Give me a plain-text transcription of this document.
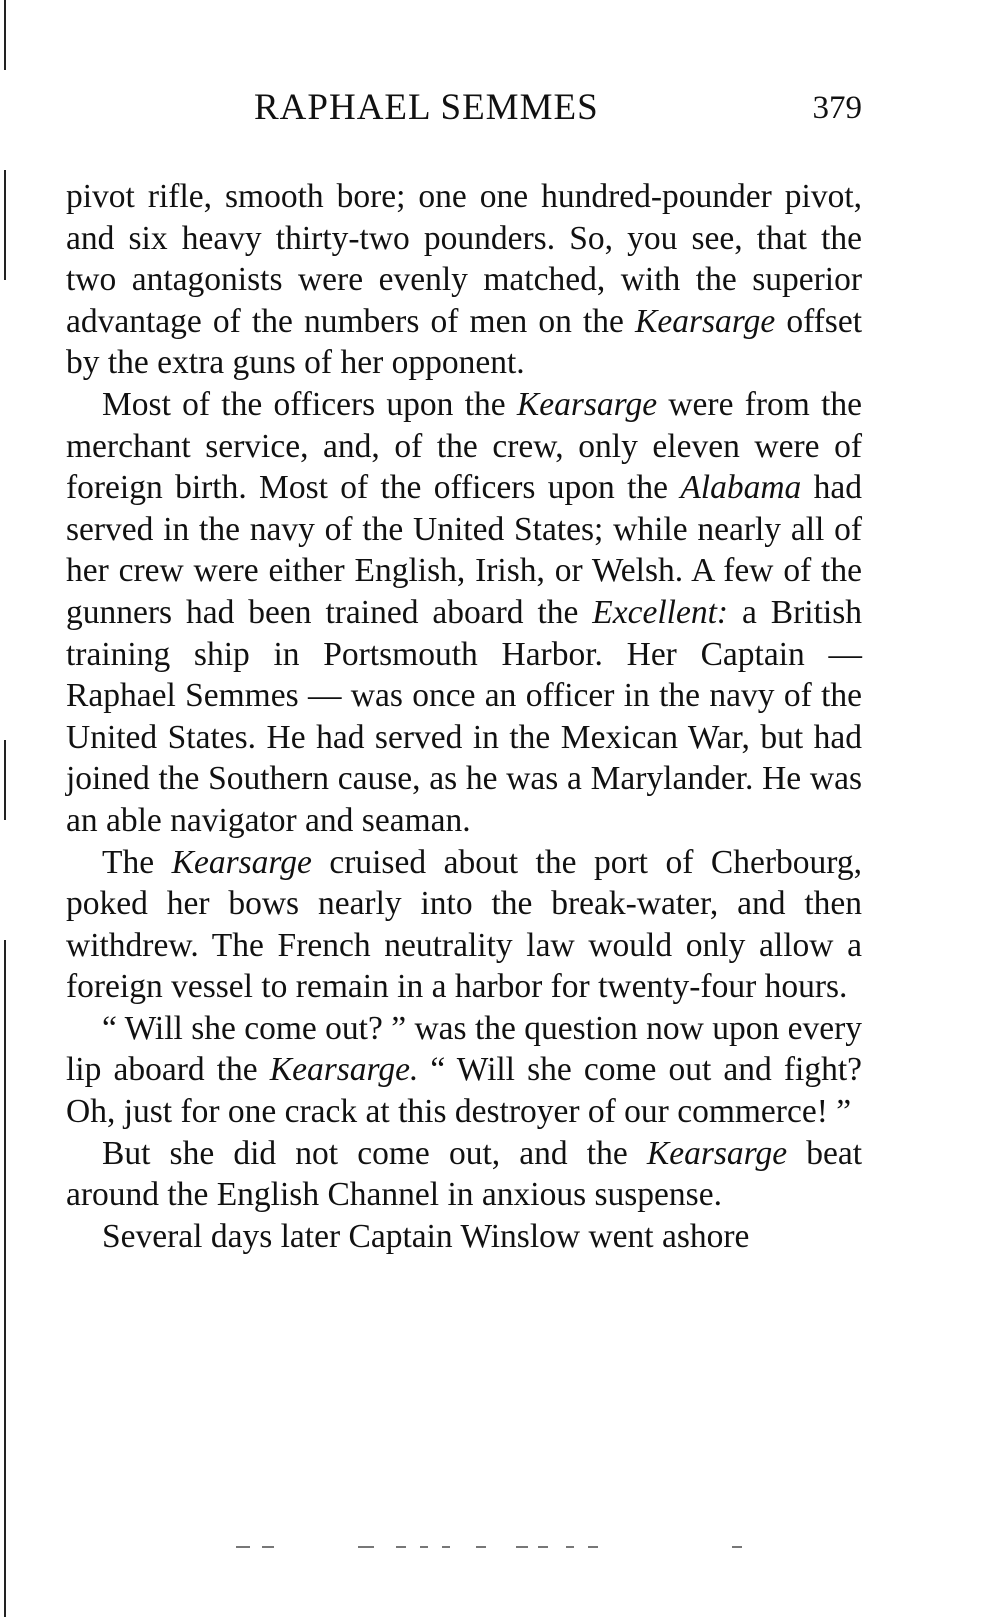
RAPHAEL SEMMES	379

pivot rifle, smooth bore; one one hundred-pounder pivot, and six heavy thirty-two pounders. So, you see, that the two antagonists were evenly matched, with the superior advantage of the numbers of men on the Kearsarge offset by the extra guns of her opponent.

Most of the officers upon the Kearsarge were from the merchant service, and, of the crew, only eleven were of foreign birth. Most of the officers upon the Alabama had served in the navy of the United States; while nearly all of her crew were either English, Irish, or Welsh. A few of the gunners had been trained aboard the Excellent: a British training ship in Portsmouth Harbor. Her Captain — Raphael Semmes — was once an officer in the navy of the United States. He had served in the Mexican War, but had joined the Southern cause, as he was a Marylander. He was an able navigator and seaman.

The Kearsarge cruised about the port of Cherbourg, poked her bows nearly into the break-water, and then withdrew. The French neutrality law would only allow a foreign vessel to remain in a harbor for twenty-four hours.

“ Will she come out? ” was the question now upon every lip aboard the Kearsarge. “ Will she come out and fight? Oh, just for one crack at this destroyer of our commerce! ”

But she did not come out, and the Kearsarge beat around the English Channel in anxious suspense.

Several days later Captain Winslow went ashore
